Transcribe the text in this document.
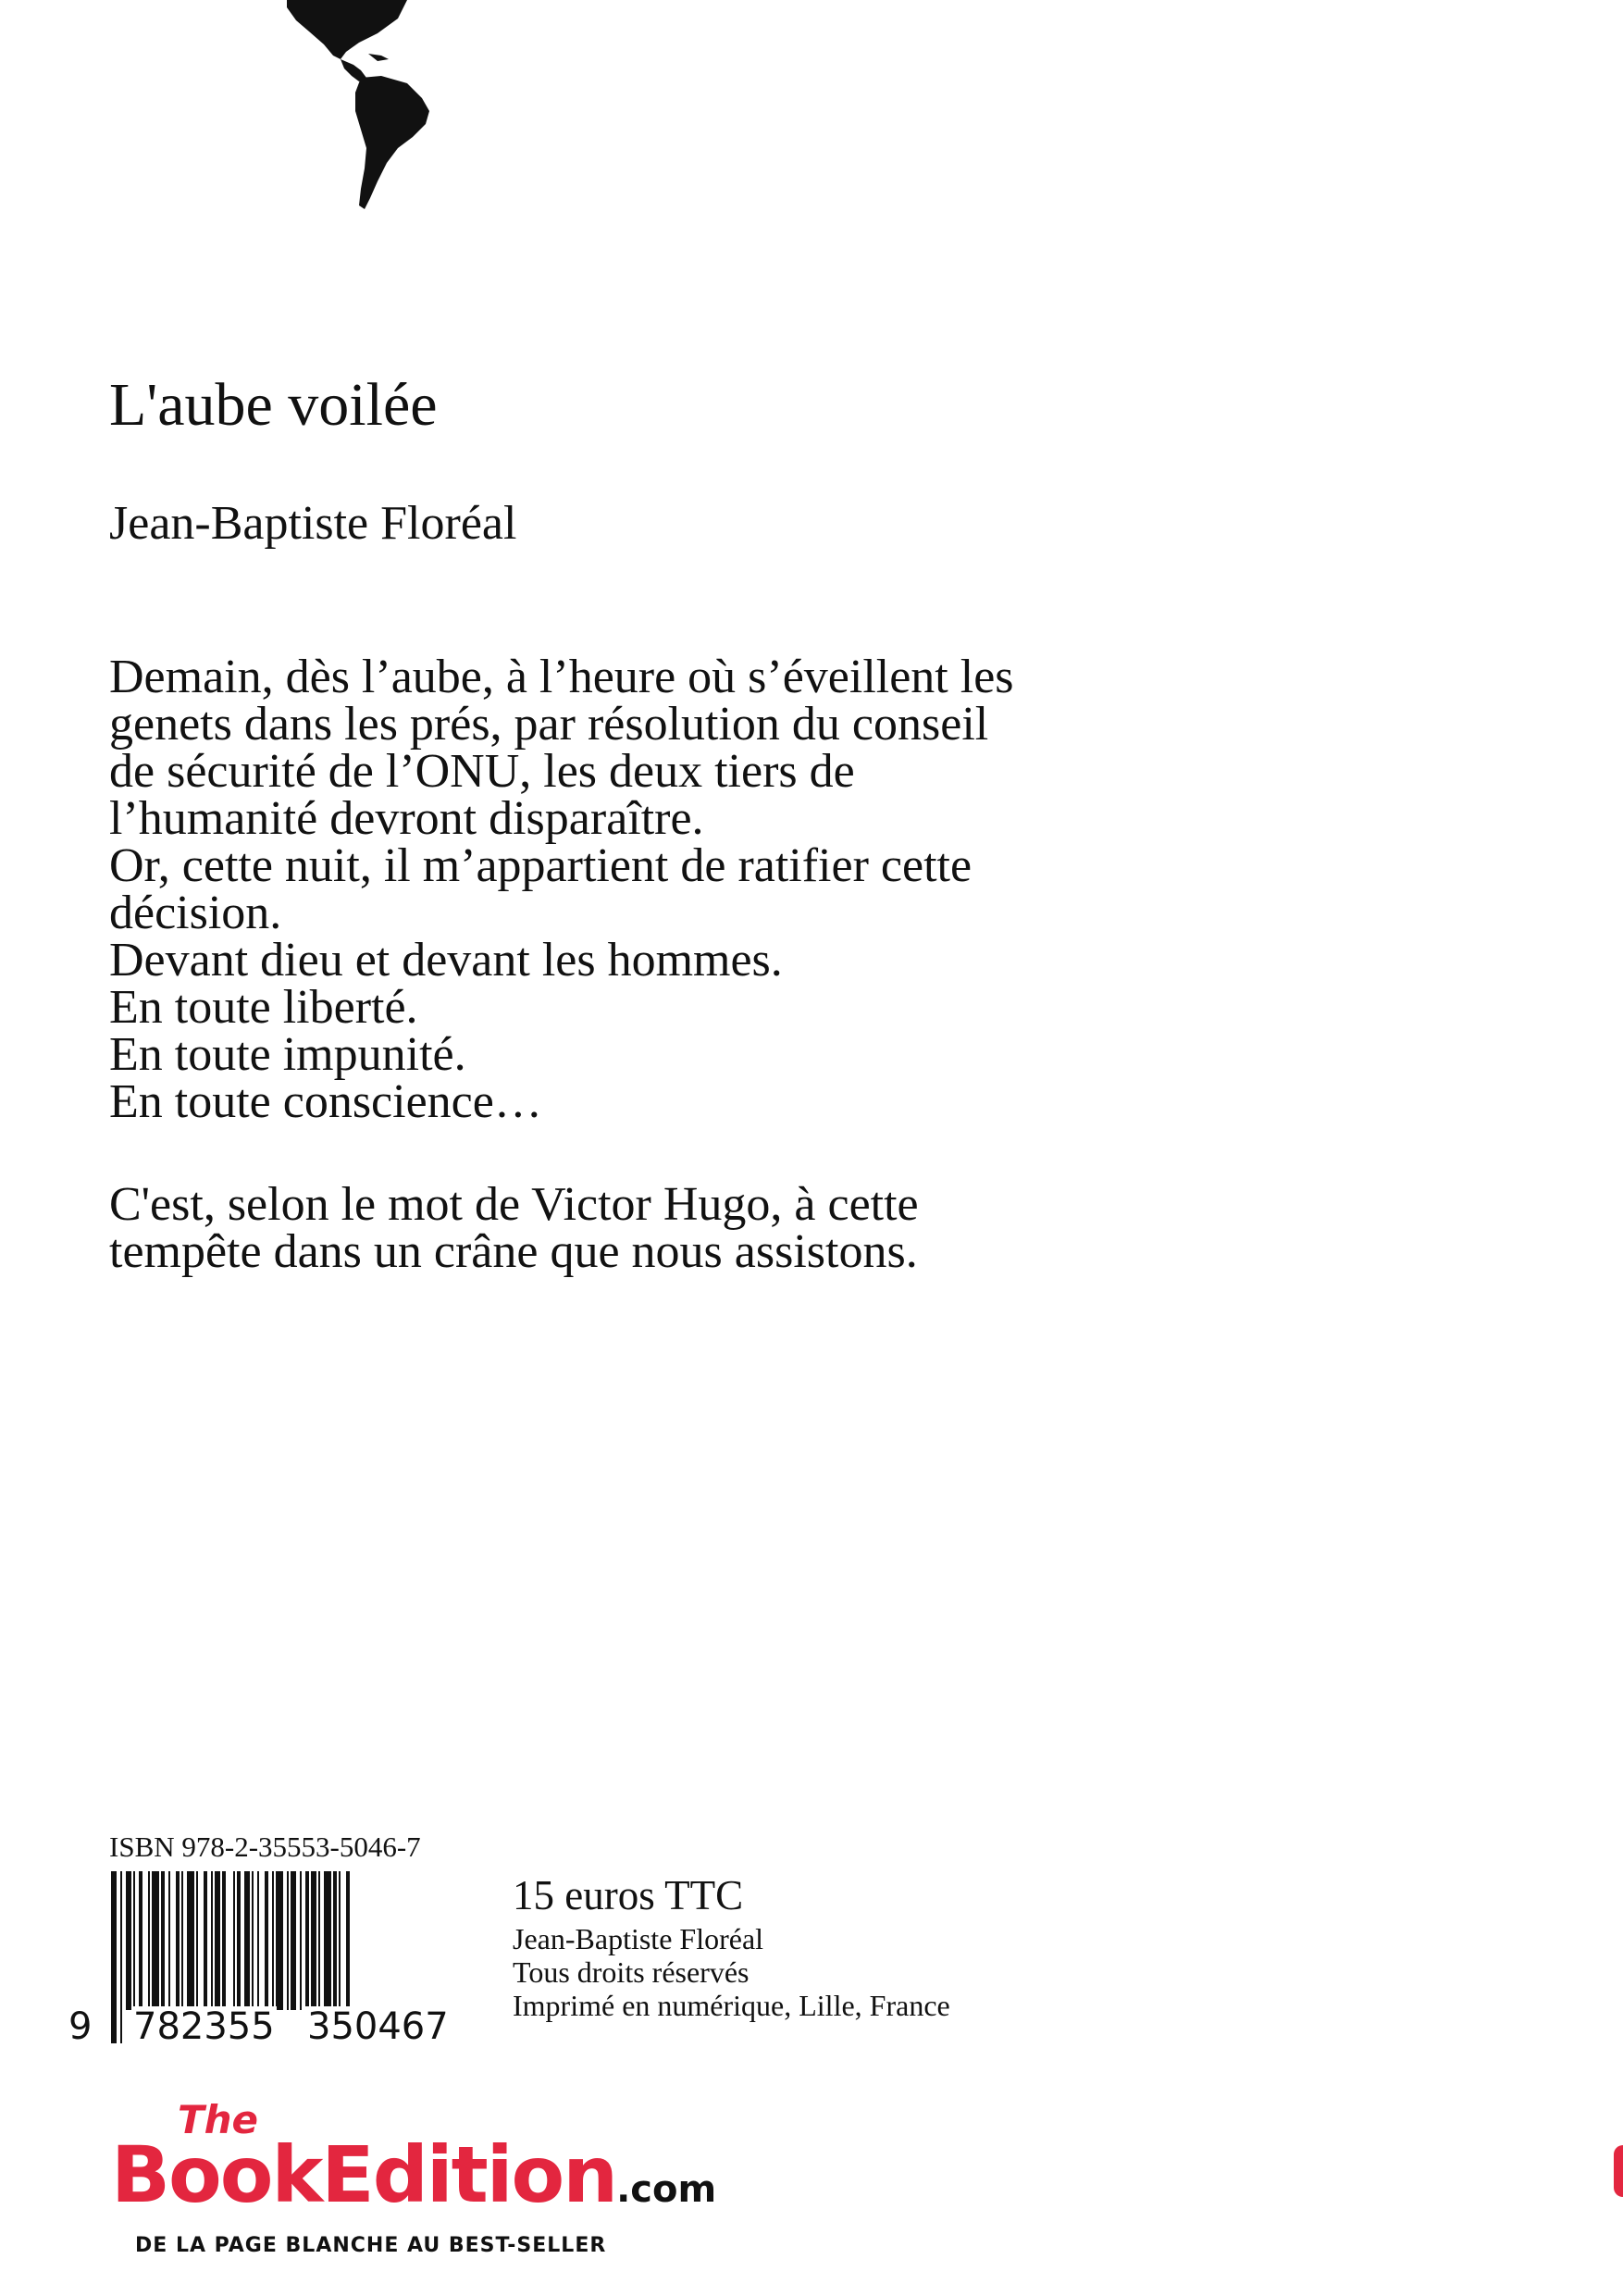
L'aube voilée
Jean-Baptiste Floréal
Demain, dès l’aube, à l’heure où s’éveillent les
genets dans les prés, par résolution du conseil
de sécurité de l’ONU, les deux tiers de
l’humanité devront disparaître.
Or, cette nuit, il m’appartient de ratifier cette
décision.
Devant dieu et devant les hommes.
En toute liberté.
En toute impunité.
En toute conscience…
C'est, selon le mot de Victor Hugo, à cette
tempête dans un crâne que nous assistons.
ISBN 978-2-35553-5046-7
9 782355 350467
15 euros TTC
Jean-Baptiste Floréal
Tous droits réservés
Imprimé en numérique, Lille, France
The
BookEdition.com
DE LA PAGE BLANCHE AU BEST-SELLER
